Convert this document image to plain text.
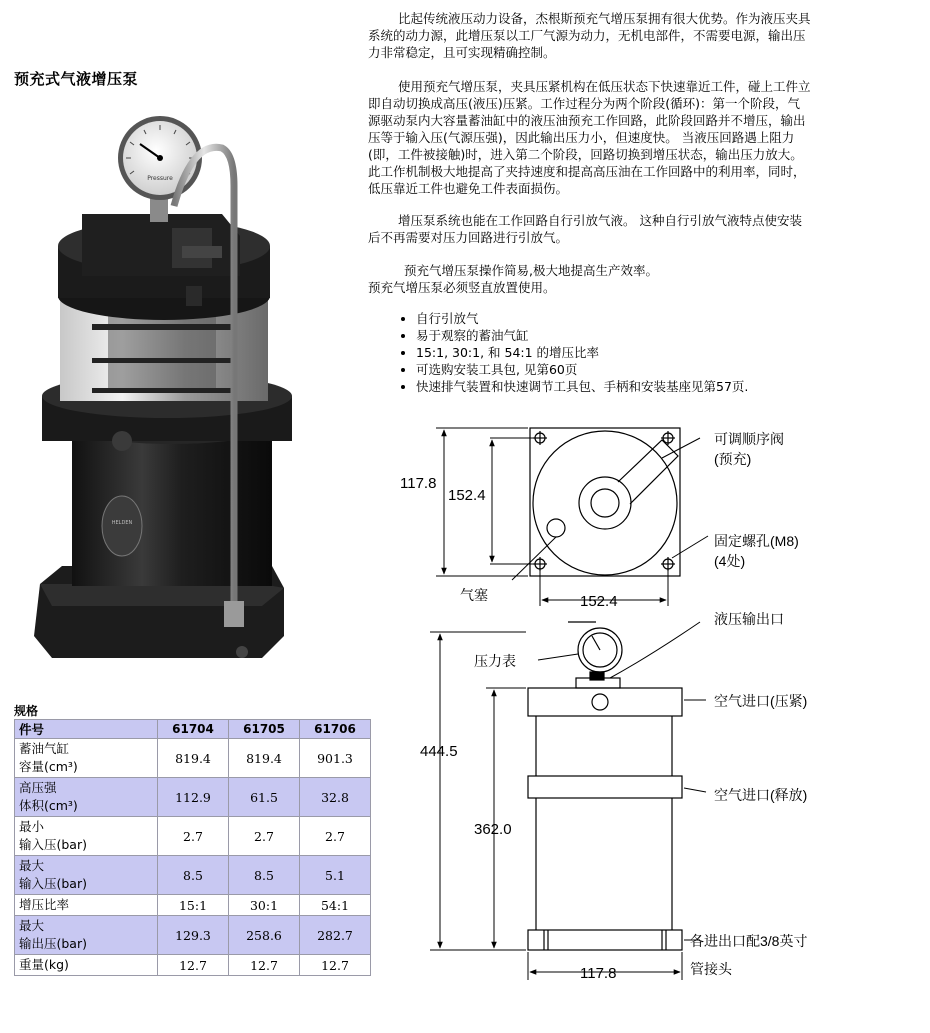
预充式气液增压泵
比起传统液压动力设备，杰根斯预充气增压泵拥有很大优势。作为液压夹具
系统的动力源，此增压泵以工厂气源为动力，无机电部件，不需要电源，输出压
力非常稳定，且可实现精确控制。
使用预充气增压泵，夹具压紧机构在低压状态下快速靠近工件，碰上工件立
即自动切换成高压(液压)压紧。工作过程分为两个阶段(循环)：第一个阶段，气
源驱动泵内大容量蓄油缸中的液压油预充工作回路，此阶段回路并不增压，输出
压等于输入压(气源压强)，因此输出压力小，但速度快。 当液压回路遇上阻力
(即，工件被接触)时，进入第二个阶段，回路切换到增压状态，输出压力放大。
此工作机制极大地提高了夹持速度和提高高压油在工作回路中的利用率，同时，
低压靠近工件也避免工件表面损伤。
增压泵系统也能在工作回路自行引放气液。 这种自行引放气液特点使安装
后不再需要对压力回路进行引放气。
预充气增压泵操作简易,极大地提高生产效率。
预充气增压泵必须竖直放置使用。
• 自行引放气
• 易于观察的蓄油气缸
• 15:1, 30:1, 和 54:1 的增压比率
• 可选购安装工具包, 见第60页
• 快速排气装置和快速调节工具包、手柄和安装基座见第57页.
Pressure
HELDEN
规格
件号	61704	61705	61706
蓄油气缸
容量(cm³)	819.4	819.4	901.3
高压强
体积(cm³)	112.9	61.5	32.8
最小
输入压(bar)	2.7	2.7	2.7
最大
输入压(bar)	8.5	8.5	5.1
增压比率	15:1	30:1	54:1
最大
输出压(bar)	129.3	258.6	282.7
重量(kg)	12.7	12.7	12.7
117.8
152.4
152.4
气塞
可调顺序阀
(预充)
固定螺孔(M8)
(4处)
444.5
362.0
117.8
压力表
液压输出口
空气进口(压紧)
空气进口(释放)
各进出口配3/8英寸
管接头
